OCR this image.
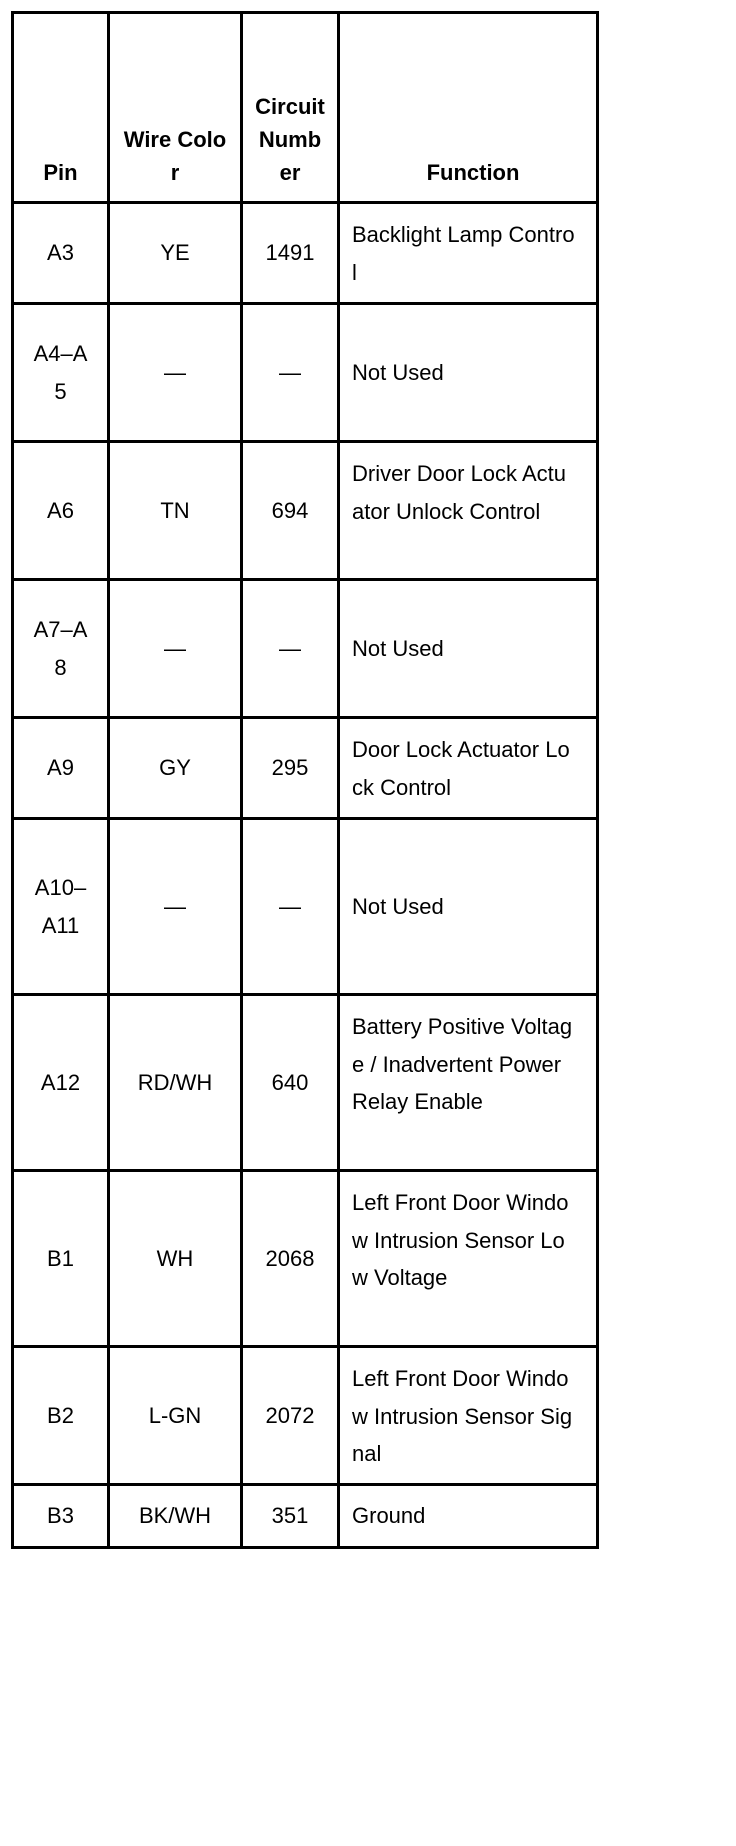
Pin	Wire Color	Circuit Number	Function
A3	YE	1491	Backlight Lamp Control
A4–A5	—	—	Not Used
A6	TN	694	Driver Door Lock Actuator Unlock Control
A7–A8	—	—	Not Used
A9	GY	295	Door Lock Actuator Lock Control
A10–A11	—	—	Not Used
A12	RD/WH	640	Battery Positive Voltage / Inadvertent Power Relay Enable
B1	WH	2068	Left Front Door Window Intrusion Sensor Low Voltage
B2	L-GN	2072	Left Front Door Window Intrusion Sensor Signal
B3	BK/WH	351	Ground
